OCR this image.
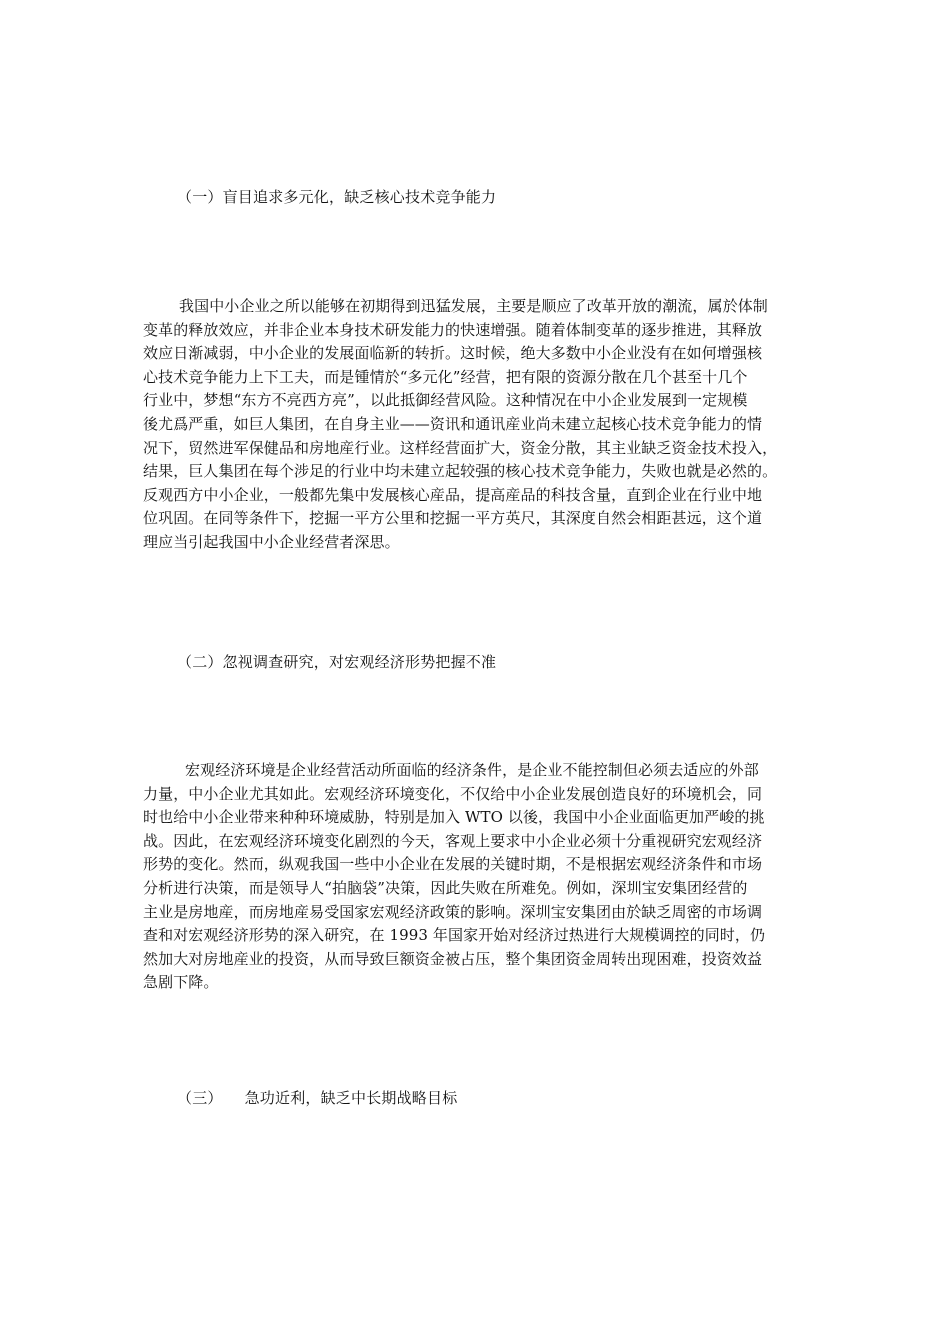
（一）盲目追求多元化，缺乏核心技术竞争能力
我国中小企业之所以能够在初期得到迅猛发展，主要是顺应了改革开放的潮流，属於体制
变革的释放效应，并非企业本身技术研发能力的快速增强。随着体制变革的逐步推进，其释放
效应日渐减弱，中小企业的发展面临新的转折。这时候，绝大多数中小企业没有在如何增强核
心技术竞争能力上下工夫，而是锺情於“多元化”经营，把有限的资源分散在几个甚至十几个
行业中，梦想“东方不亮西方亮”，以此抵御经营风险。这种情况在中小企业发展到一定规模
後尤爲严重，如巨人集团，在自身主业——资讯和通讯産业尚未建立起核心技术竞争能力的情
况下，贸然进军保健品和房地産行业。这样经营面扩大，资金分散，其主业缺乏资金技术投入，
结果，巨人集团在每个涉足的行业中均未建立起较强的核心技术竞争能力，失败也就是必然的。
反观西方中小企业，一般都先集中发展核心産品，提高産品的科技含量，直到企业在行业中地
位巩固。在同等条件下，挖掘一平方公里和挖掘一平方英尺，其深度自然会相距甚远，这个道
理应当引起我国中小企业经营者深思。
（二）忽视调查研究，对宏观经济形势把握不准
宏观经济环境是企业经营活动所面临的经济条件，是企业不能控制但必须去适应的外部
力量，中小企业尤其如此。宏观经济环境变化，不仅给中小企业发展创造良好的环境机会，同
时也给中小企业带来种种环境威胁，特别是加入 WTO 以後，我国中小企业面临更加严峻的挑
战。因此，在宏观经济环境变化剧烈的今天，客观上要求中小企业必须十分重视研究宏观经济
形势的变化。然而，纵观我国一些中小企业在发展的关键时期，不是根据宏观经济条件和市场
分析进行决策，而是领导人“拍脑袋”决策，因此失败在所难免。例如，深圳宝安集团经营的
主业是房地産，而房地産易受国家宏观经济政策的影响。深圳宝安集团由於缺乏周密的市场调
查和对宏观经济形势的深入研究，在 1993 年国家开始对经济过热进行大规模调控的同时，仍
然加大对房地産业的投资，从而导致巨额资金被占压，整个集团资金周转出现困难，投资效益
急剧下降。
（三） 急功近利，缺乏中长期战略目标
